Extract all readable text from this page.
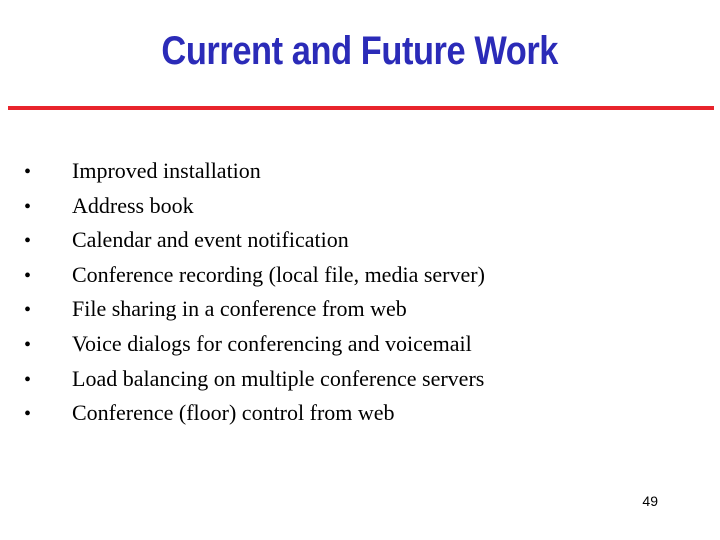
Current and Future Work
•	Improved installation
•	Address book
•	Calendar and event notification
•	Conference recording (local file, media server)
•	File sharing in a conference from web
•	Voice dialogs for conferencing and voicemail
•	Load balancing on multiple conference servers
•	Conference (floor) control from web
49
